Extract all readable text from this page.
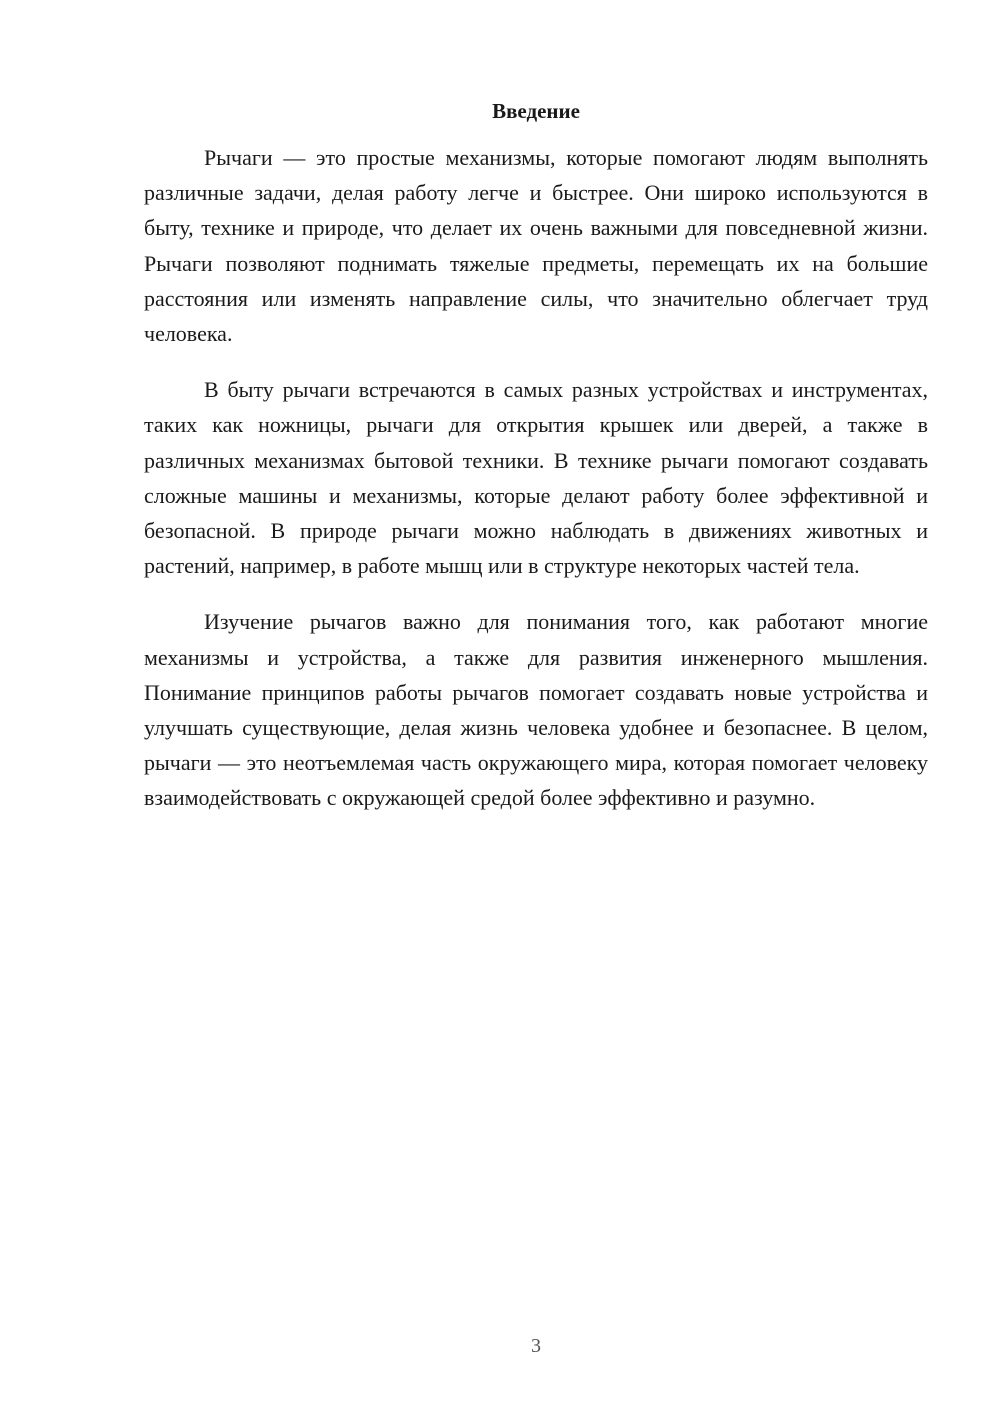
Введение

Рычаги — это простые механизмы, которые помогают людям выполнять различные задачи, делая работу легче и быстрее. Они широко используются в быту, технике и природе, что делает их очень важными для повседневной жизни. Рычаги позволяют поднимать тяжелые предметы, перемещать их на большие расстояния или изменять направление силы, что значительно облегчает труд человека.

В быту рычаги встречаются в самых разных устройствах и инструментах, таких как ножницы, рычаги для открытия крышек или дверей, а также в различных механизмах бытовой техники. В технике рычаги помогают создавать сложные машины и механизмы, которые делают работу более эффективной и безопасной. В природе рычаги можно наблюдать в движениях животных и растений, например, в работе мышц или в структуре некоторых частей тела.

Изучение рычагов важно для понимания того, как работают многие механизмы и устройства, а также для развития инженерного мышления. Понимание принципов работы рычагов помогает создавать новые устройства и улучшать существующие, делая жизнь человека удобнее и безопаснее. В целом, рычаги — это неотъемлемая часть окружающего мира, которая помогает человеку взаимодействовать с окружающей средой более эффективно и разумно.

3
